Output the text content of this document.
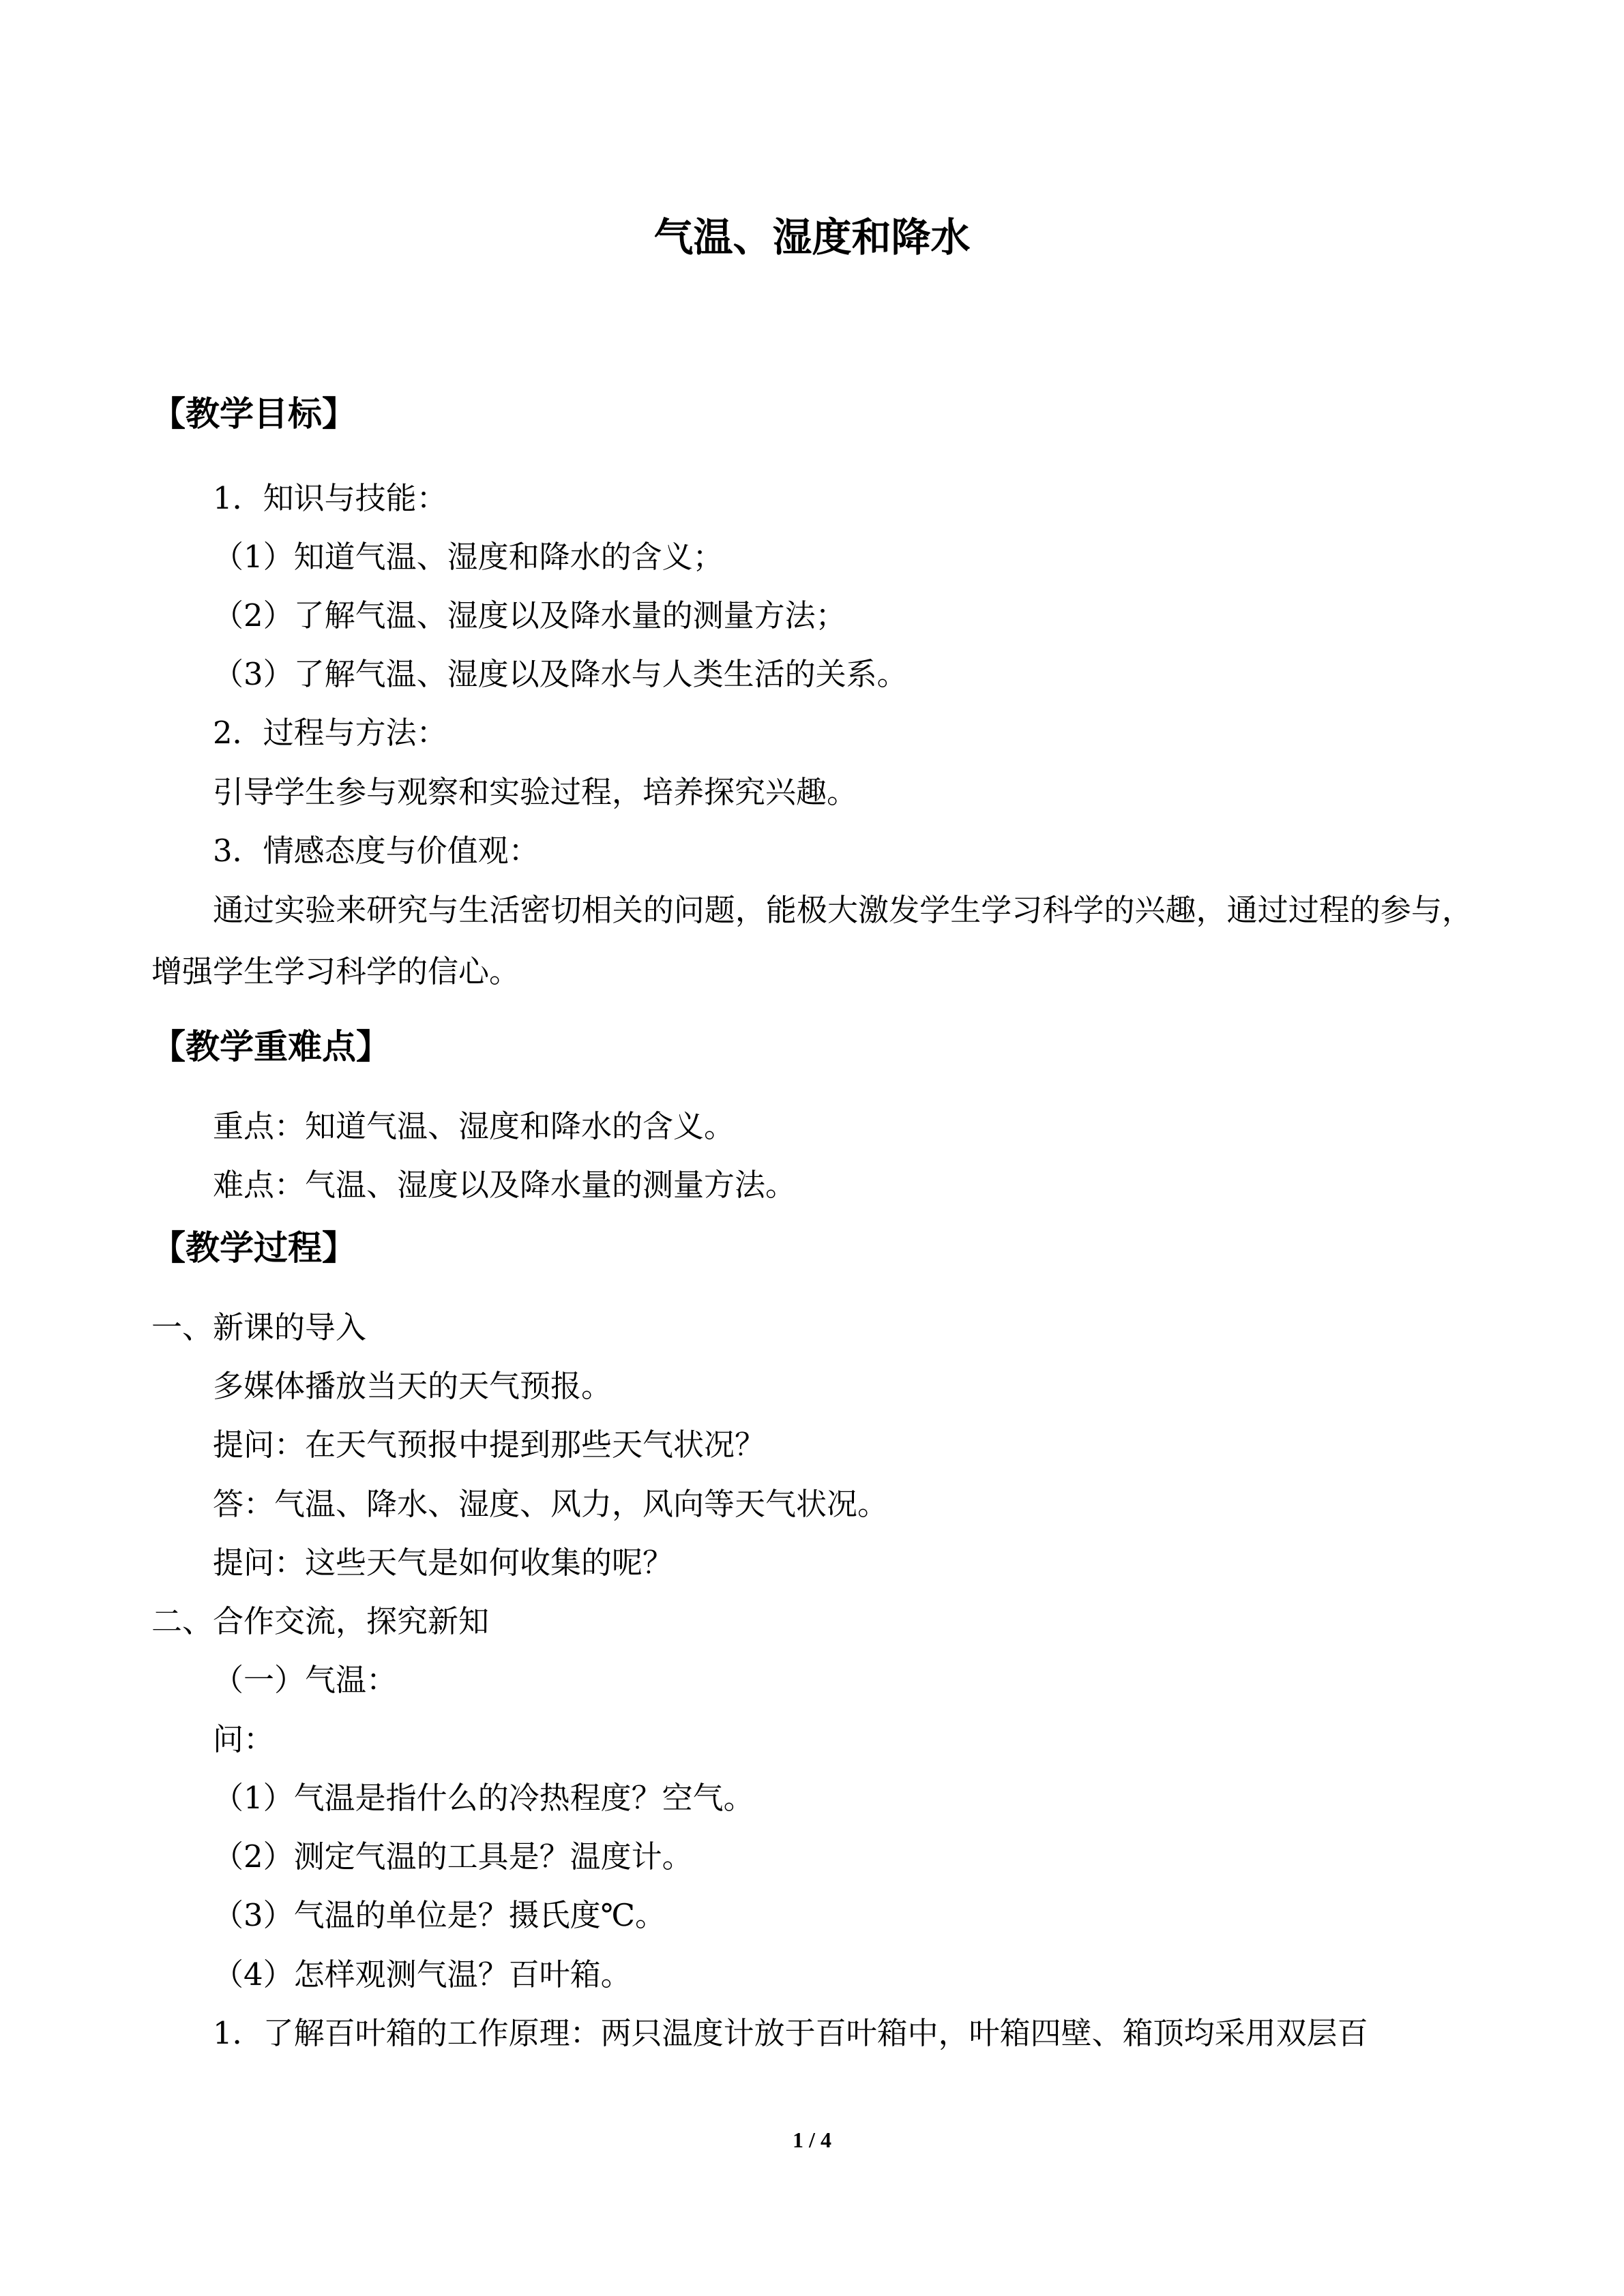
气温、湿度和降水
【教学目标】
1．知识与技能：
（1）知道气温、湿度和降水的含义；
（2）了解气温、湿度以及降水量的测量方法；
（3）了解气温、湿度以及降水与人类生活的关系。
2．过程与方法：
引导学生参与观察和实验过程，培养探究兴趣。
3．情感态度与价值观：
通过实验来研究与生活密切相关的问题，能极大激发学生学习科学的兴趣，通过过程的参与，增强学生学习科学的信心。
【教学重难点】
重点：知道气温、湿度和降水的含义。
难点：气温、湿度以及降水量的测量方法。
【教学过程】
一、新课的导入
多媒体播放当天的天气预报。
提问：在天气预报中提到那些天气状况？
答：气温、降水、湿度、风力，风向等天气状况。
提问：这些天气是如何收集的呢？
二、合作交流，探究新知
（一）气温：
问：
（1）气温是指什么的冷热程度？空气。
（2）测定气温的工具是？温度计。
（3）气温的单位是？摄氏度℃。
（4）怎样观测气温？百叶箱。
1．了解百叶箱的工作原理：两只温度计放于百叶箱中，叶箱四壁、箱顶均采用双层百
1 / 4
